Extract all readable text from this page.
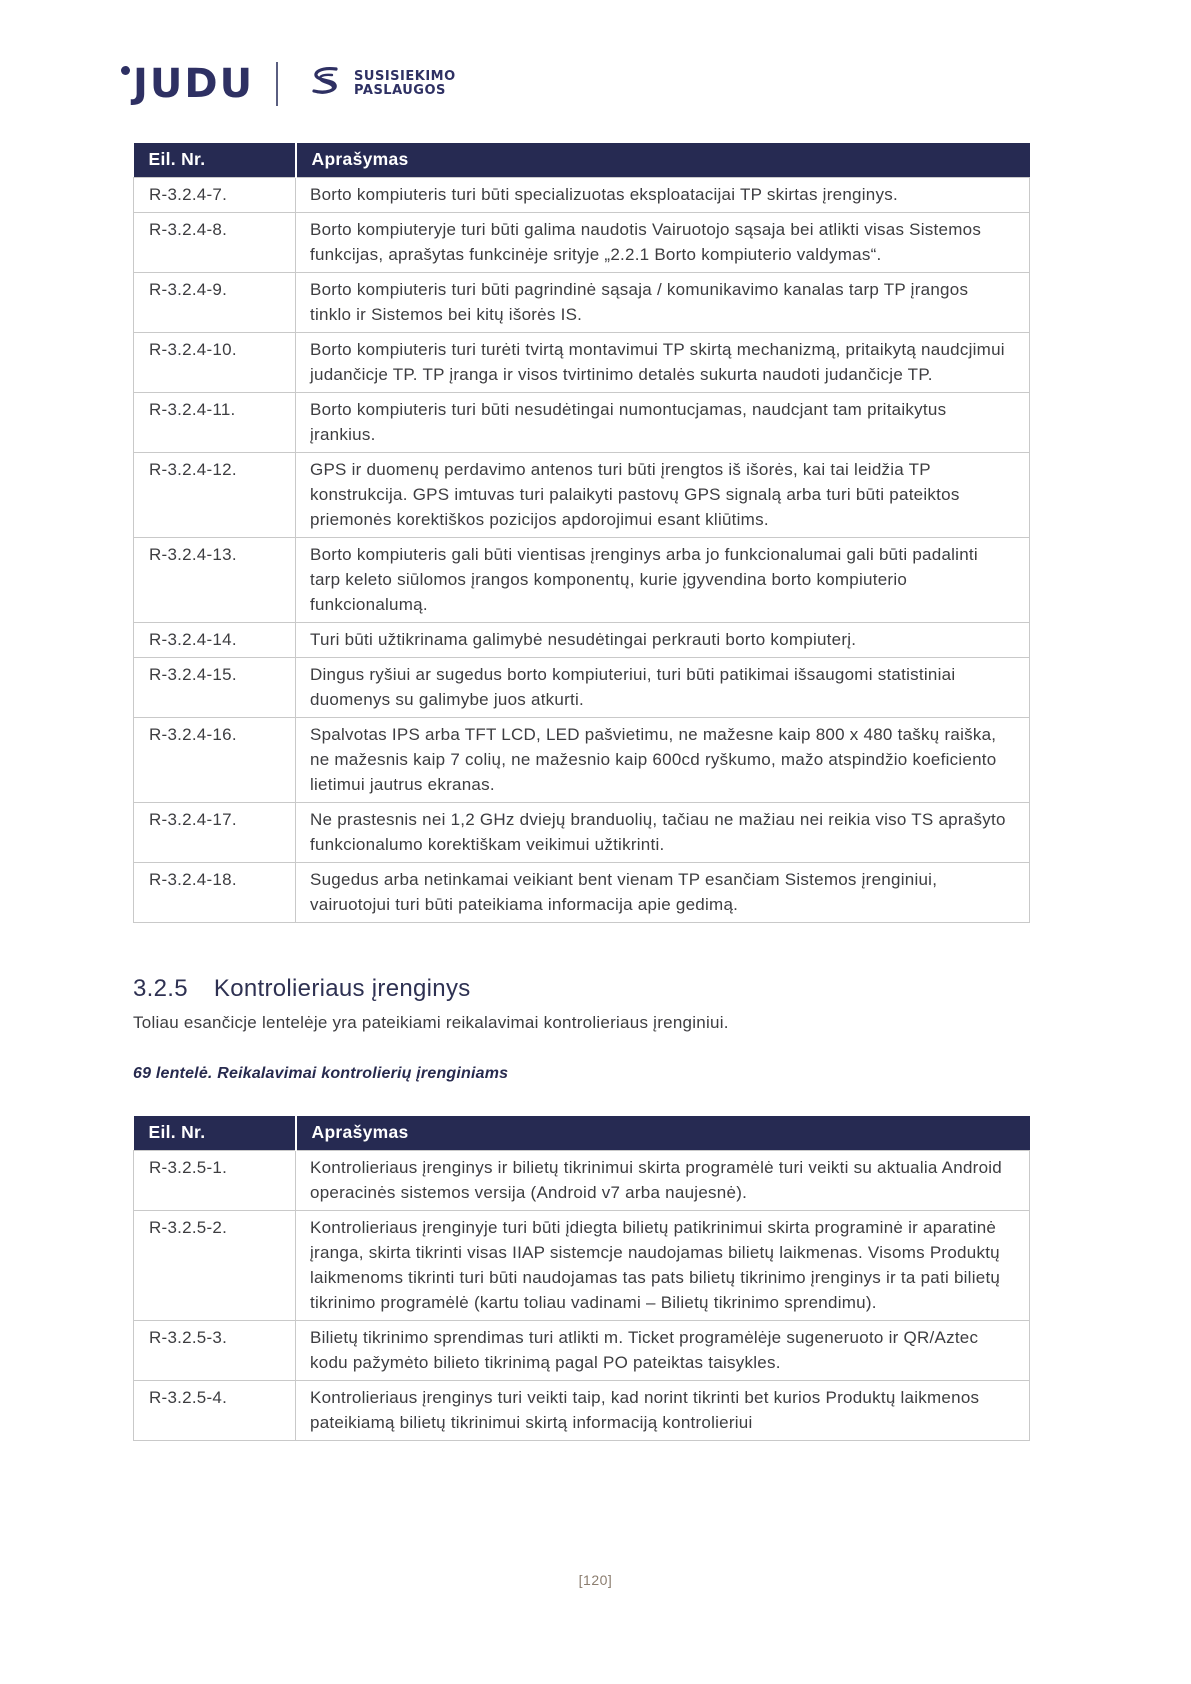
JUDU	SUSISIEKIMO
PASLAUGOS
Eil. Nr.	Aprašymas
R-3.2.4-7.	Borto kompiuteris turi būti specializuotas eksploatacijai TP skirtas įrenginys.
R-3.2.4-8.	Borto kompiuteryje turi būti galima naudotis Vairuotojo sąsaja bei atlikti visas Sistemos funkcijas, aprašytas funkcinėje srityje „2.2.1 Borto kompiuterio valdymas“.
R-3.2.4-9.	Borto kompiuteris turi būti pagrindinė sąsaja / komunikavimo kanalas tarp TP įrangos tinklo ir Sistemos bei kitų išorės IS.
R-3.2.4-10.	Borto kompiuteris turi turėti tvirtą montavimui TP skirtą mechanizmą, pritaikytą naudcjimui judančicje TP. TP įranga ir visos tvirtinimo detalės sukurta naudoti judančicje TP.
R-3.2.4-11.	Borto kompiuteris turi būti nesudėtingai numontucjamas, naudcjant tam pritaikytus įrankius.
R-3.2.4-12.	GPS ir duomenų perdavimo antenos turi būti įrengtos iš išorės, kai tai leidžia TP konstrukcija. GPS imtuvas turi palaikyti pastovų GPS signalą arba turi būti pateiktos priemonės korektiškos pozicijos apdorojimui esant kliūtims.
R-3.2.4-13.	Borto kompiuteris gali būti vientisas įrenginys arba jo funkcionalumai gali būti padalinti tarp keleto siūlomos įrangos komponentų, kurie įgyvendina borto kompiuterio funkcionalumą.
R-3.2.4-14.	Turi būti užtikrinama galimybė nesudėtingai perkrauti borto kompiuterį.
R-3.2.4-15.	Dingus ryšiui ar sugedus borto kompiuteriui, turi būti patikimai išsaugomi statistiniai duomenys su galimybe juos atkurti.
R-3.2.4-16.	Spalvotas IPS arba TFT LCD, LED pašvietimu, ne mažesne kaip 800 x 480 taškų raiška, ne mažesnis kaip 7 colių, ne mažesnio kaip 600cd ryškumo, mažo atspindžio koeficiento lietimui jautrus ekranas.
R-3.2.4-17.	Ne prastesnis nei 1,2 GHz dviejų branduolių, tačiau ne mažiau nei reikia viso TS aprašyto funkcionalumo korektiškam veikimui užtikrinti.
R-3.2.4-18.	Sugedus arba netinkamai veikiant bent vienam TP esančiam Sistemos įrenginiui, vairuotojui turi būti pateikiama informacija apie gedimą.
3.2.5 Kontrolieriaus įrenginys

Toliau esančicje lentelėje yra pateikiami reikalavimai kontrolieriaus įrenginiui.

69 lentelė. Reikalavimai kontrolierių įrenginiams

Eil. Nr.	Aprašymas
R-3.2.5-1.	Kontrolieriaus įrenginys ir bilietų tikrinimui skirta programėlė turi veikti su aktualia Android operacinės sistemos versija (Android v7 arba naujesnė).
R-3.2.5-2.	Kontrolieriaus įrenginyje turi būti įdiegta bilietų patikrinimui skirta programinė ir aparatinė įranga, skirta tikrinti visas IIAP sistemcje naudojamas bilietų laikmenas. Visoms Produktų laikmenoms tikrinti turi būti naudojamas tas pats bilietų tikrinimo įrenginys ir ta pati bilietų tikrinimo programėlė (kartu toliau vadinami – Bilietų tikrinimo sprendimu).
R-3.2.5-3.	Bilietų tikrinimo sprendimas turi atlikti m. Ticket programėlėje sugeneruoto ir QR/Aztec kodu pažymėto bilieto tikrinimą pagal PO pateiktas taisykles.
R-3.2.5-4.	Kontrolieriaus įrenginys turi veikti taip, kad norint tikrinti bet kurios Produktų laikmenos pateikiamą bilietų tikrinimui skirtą informaciją kontrolieriui
[120]
